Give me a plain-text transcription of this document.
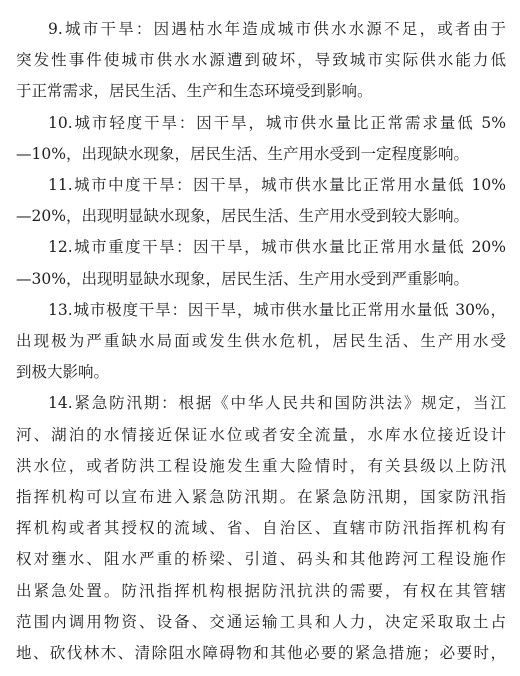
9.城市干旱：因遇枯水年造成城市供水水源不足，或者由于
突发性事件使城市供水水源遭到破坏，导致城市实际供水能力低
于正常需求，居民生活、生产和生态环境受到影响。
10.城市轻度干旱：因干旱，城市供水量比正常需求量低 5%
—10%，出现缺水现象，居民生活、生产用水受到一定程度影响。
11.城市中度干旱：因干旱，城市供水量比正常用水量低 10%
—20%，出现明显缺水现象，居民生活、生产用水受到较大影响。
12.城市重度干旱：因干旱，城市供水量比正常用水量低 20%
—30%，出现明显缺水现象，居民生活、生产用水受到严重影响。
13.城市极度干旱：因干旱，城市供水量比正常用水量低 30%，
出现极为严重缺水局面或发生供水危机，居民生活、生产用水受
到极大影响。
14.紧急防汛期：根据《中华人民共和国防洪法》规定，当江
河、湖泊的水情接近保证水位或者安全流量，水库水位接近设计
洪水位，或者防洪工程设施发生重大险情时，有关县级以上防汛
指挥机构可以宣布进入紧急防汛期。在紧急防汛期，国家防汛指
挥机构或者其授权的流域、省、自治区、直辖市防汛指挥机构有
权对壅水、阻水严重的桥梁、引道、码头和其他跨河工程设施作
出紧急处置。防汛指挥机构根据防汛抗洪的需要，有权在其管辖
范围内调用物资、设备、交通运输工具和人力，决定采取取土占
地、砍伐林木、清除阻水障碍物和其他必要的紧急措施；必要时，
